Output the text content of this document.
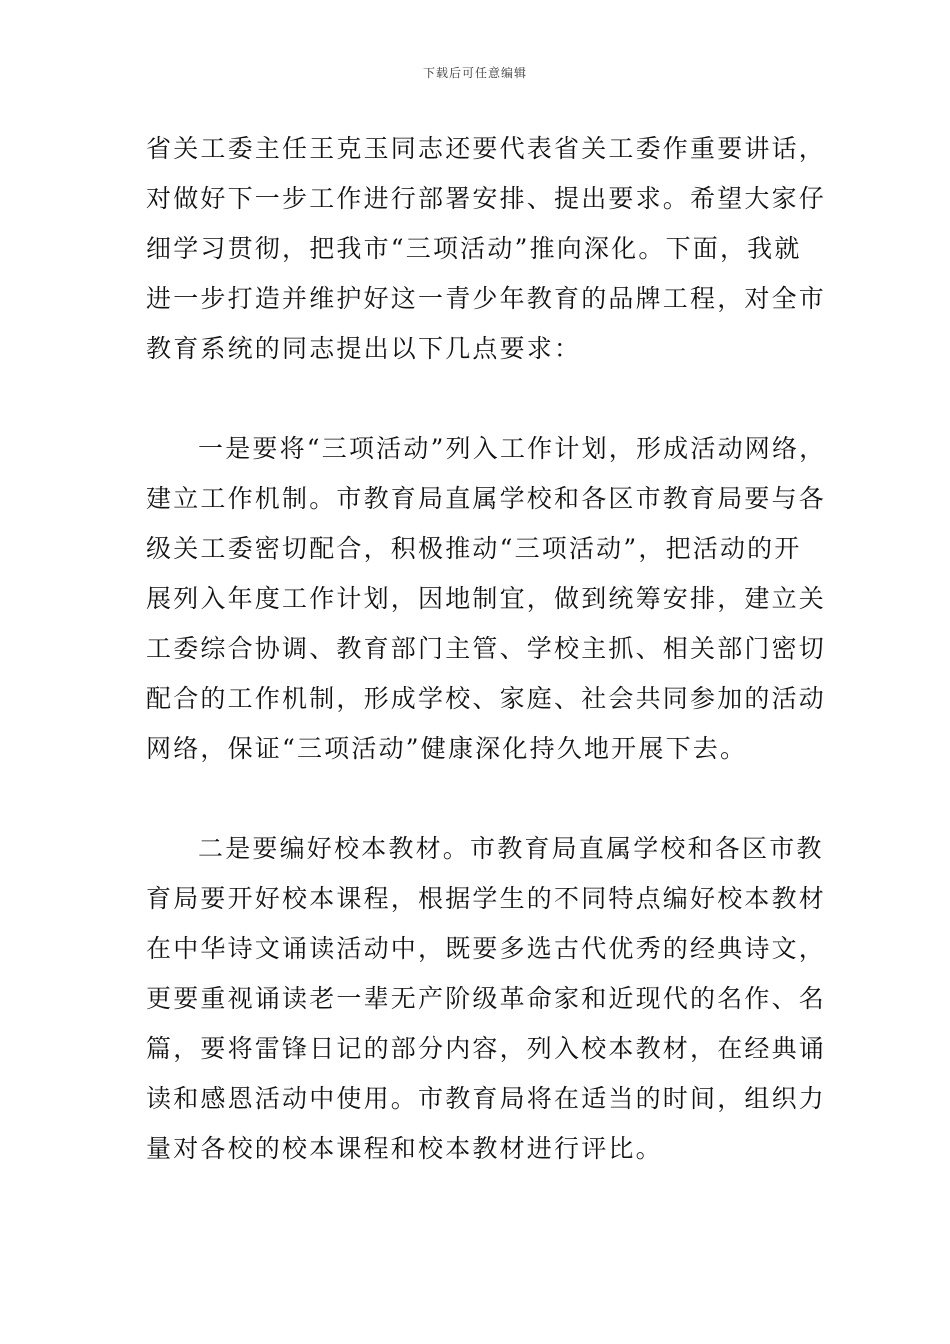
下载后可任意编辑
省关工委主任王克玉同志还要代表省关工委作重要讲话，
对做好下一步工作进行部署安排、提出要求。希望大家仔
细学习贯彻，把我市“三项活动”推向深化。下面，我就
进一步打造并维护好这一青少年教育的品牌工程，对全市
教育系统的同志提出以下几点要求：
一是要将“三项活动”列入工作计划，形成活动网络，
建立工作机制。市教育局直属学校和各区市教育局要与各
级关工委密切配合，积极推动“三项活动”，把活动的开
展列入年度工作计划，因地制宜，做到统筹安排，建立关
工委综合协调、教育部门主管、学校主抓、相关部门密切
配合的工作机制，形成学校、家庭、社会共同参加的活动
网络，保证“三项活动”健康深化持久地开展下去。
二是要编好校本教材。市教育局直属学校和各区市教
育局要开好校本课程，根据学生的不同特点编好校本教材
在中华诗文诵读活动中，既要多选古代优秀的经典诗文，
更要重视诵读老一辈无产阶级革命家和近现代的名作、名
篇，要将雷锋日记的部分内容，列入校本教材，在经典诵
读和感恩活动中使用。市教育局将在适当的时间，组织力
量对各校的校本课程和校本教材进行评比。
